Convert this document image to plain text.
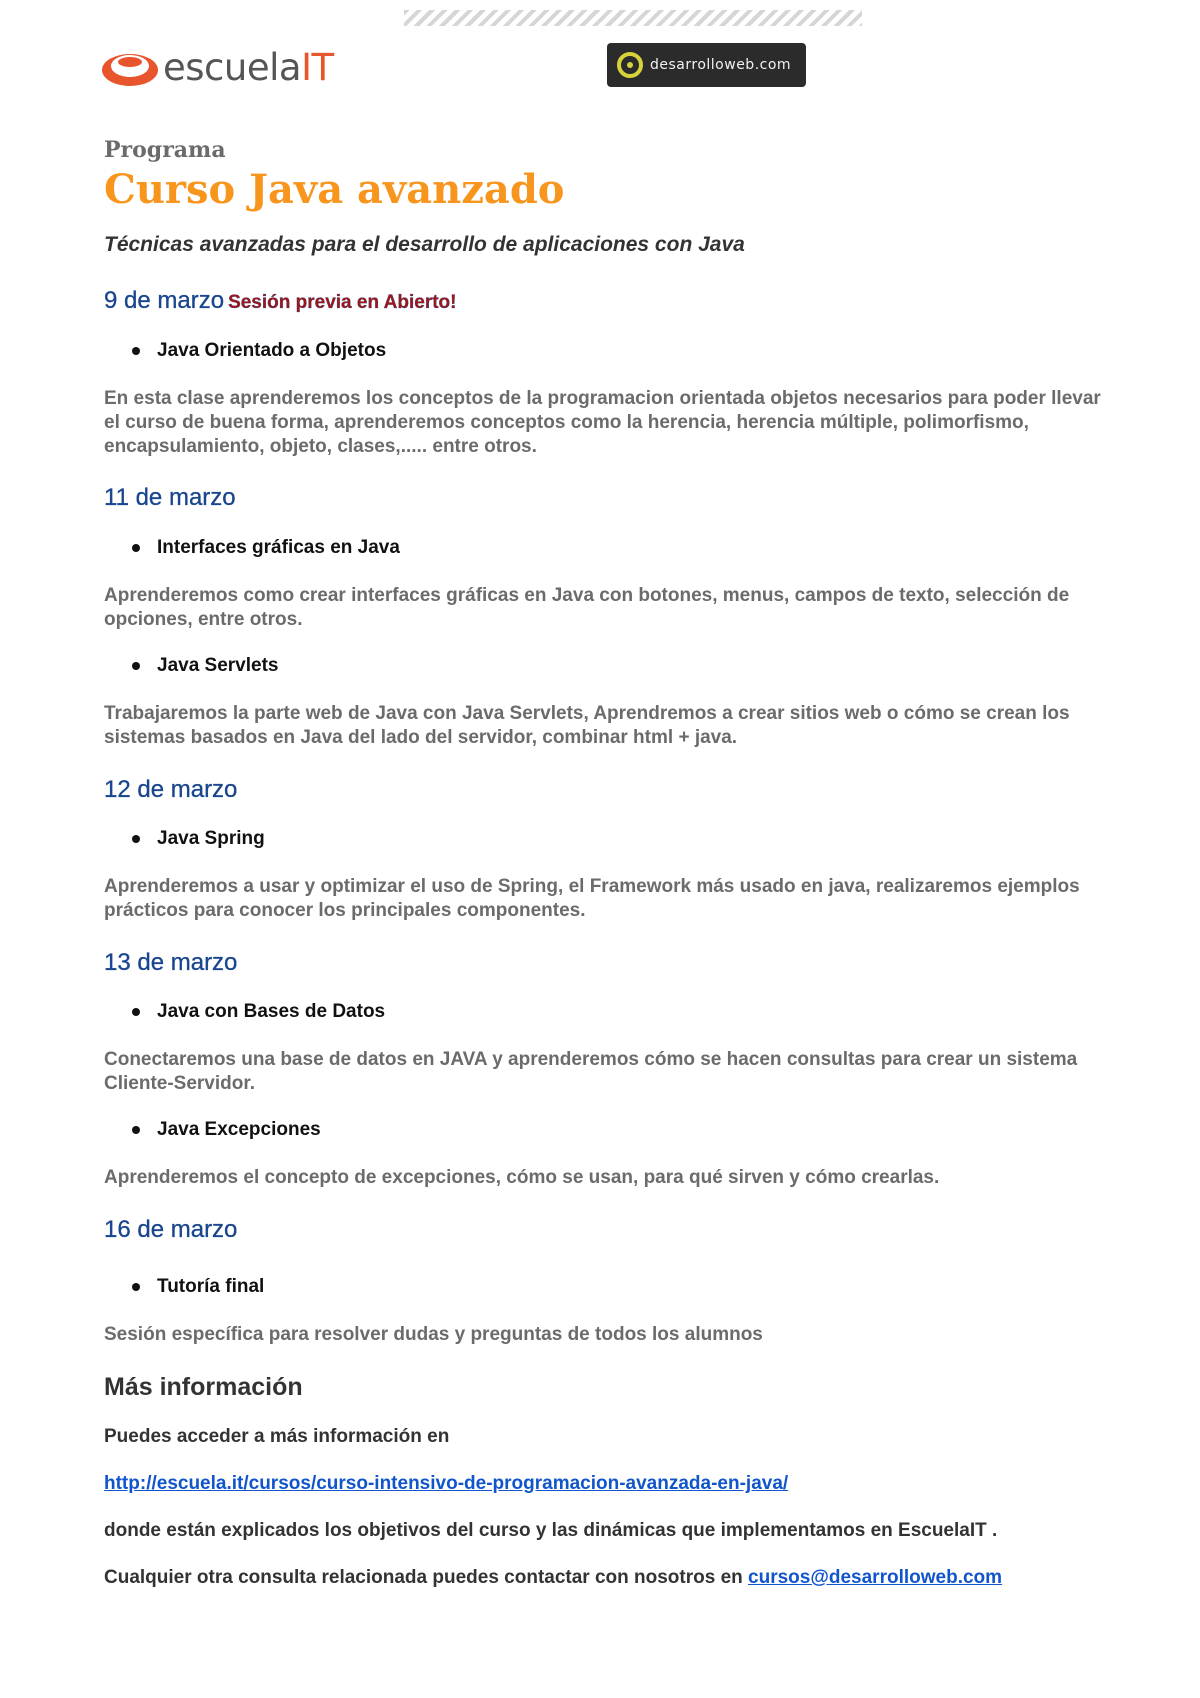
escuelaIT	desarrolloweb.com
Programa
Curso Java avanzado

Técnicas avanzadas para el desarrollo de aplicaciones con Java

9 de marzo Sesión previa en Abierto!
Java Orientado a Objetos

En esta clase aprenderemos los conceptos de la programacion orientada objetos necesarios para poder llevar el curso de buena forma, aprenderemos conceptos como la herencia, herencia múltiple, polimorfismo, encapsulamiento, objeto, clases,..... entre otros.

11 de marzo
Interfaces gráficas en Java

Aprenderemos como crear interfaces gráficas en Java con botones, menus, campos de texto, selección de opciones, entre otros.

Java Servlets

Trabajaremos la parte web de Java con Java Servlets, Aprendremos a crear sitios web o cómo se crean los sistemas basados en Java del lado del servidor, combinar html + java.

12 de marzo
Java Spring

Aprenderemos a usar y optimizar el uso de Spring, el Framework más usado en java, realizaremos ejemplos prácticos para conocer los principales componentes.

13 de marzo
Java con Bases de Datos

Conectaremos una base de datos en JAVA y aprenderemos cómo se hacen consultas para crear un sistema Cliente-Servidor.

Java Excepciones

Aprenderemos el concepto de excepciones, cómo se usan, para qué sirven y cómo crearlas.

16 de marzo
Tutoría final

Sesión específica para resolver dudas y preguntas de todos los alumnos

Más información

Puedes acceder a más información en

http://escuela.it/cursos/curso-intensivo-de-programacion-avanzada-en-java/

donde están explicados los objetivos del curso y las dinámicas que implementamos en EscuelaIT .

Cualquier otra consulta relacionada puedes contactar con nosotros en cursos@desarrolloweb.com
